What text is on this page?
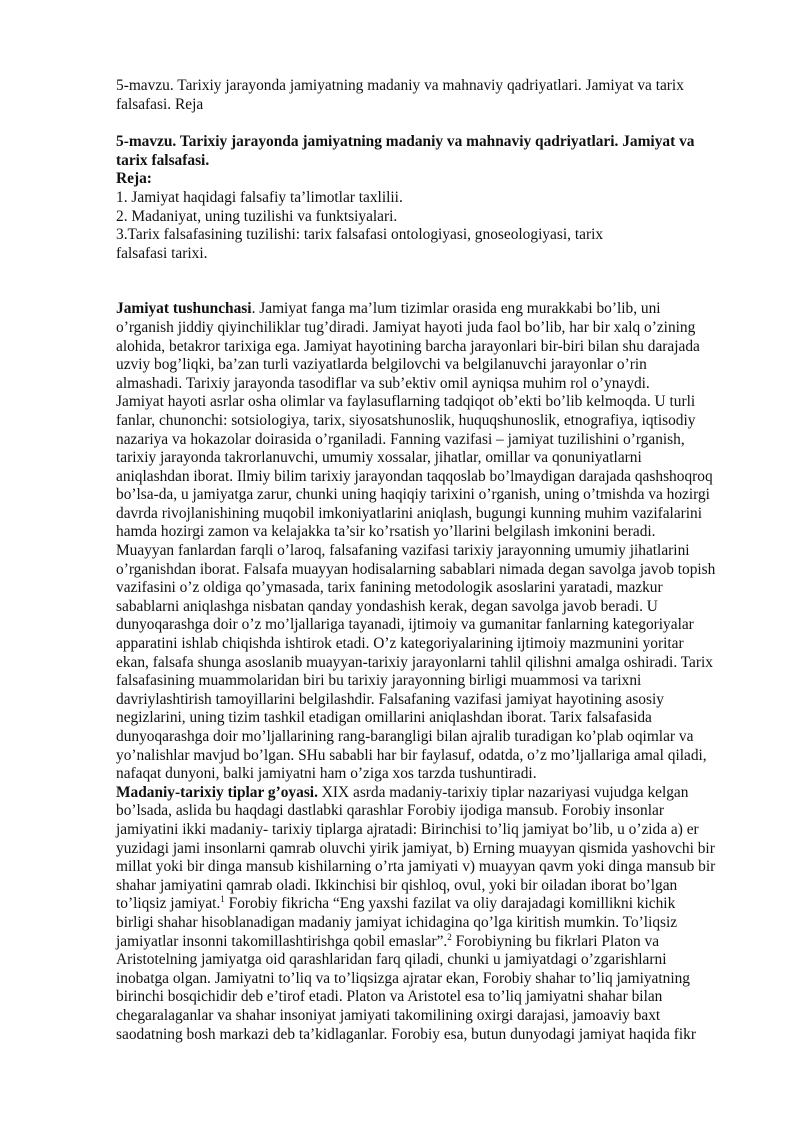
5-mavzu. Tarixiy jarayonda jamiyatning madaniy va mahnaviy qadriyatlari. Jamiyat va tarix
falsafasi. Reja
5-mavzu. Tarixiy jarayonda jamiyatning madaniy va mahnaviy qadriyatlari. Jamiyat va
tarix falsafasi.
Reja:
1. Jamiyat haqidagi falsafiy ta’limotlar taxlilii.
2. Madaniyat, uning tuzilishi va funktsiyalari.
3.Tarix falsafasining tuzilishi: tarix falsafasi ontologiyasi, gnoseologiyasi, tarix
falsafasi tarixi.
Jamiyat tushunchasi. Jamiyat fanga ma’lum tizimlar orasida eng murakkabi bo’lib, uni
o’rganish jiddiy qiyinchiliklar tug’diradi. Jamiyat hayoti juda faol bo’lib, har bir xalq o’zining
alohida, betakror tarixiga ega. Jamiyat hayotining barcha jarayonlari bir-biri bilan shu darajada
uzviy bog’liqki, ba’zan turli vaziyatlarda belgilovchi va belgilanuvchi jarayonlar o’rin
almashadi. Tarixiy jarayonda tasodiflar va sub’ektiv omil ayniqsa muhim rol o’ynaydi.
Jamiyat hayoti asrlar osha olimlar va faylasuflarning tadqiqot ob’ekti bo’lib kelmoqda. U turli
fanlar, chunonchi: sotsiologiya, tarix, siyosatshunoslik, huquqshunoslik, etnografiya, iqtisodiy
nazariya va hokazolar doirasida o’rganiladi. Fanning vazifasi – jamiyat tuzilishini o’rganish,
tarixiy jarayonda takrorlanuvchi, umumiy xossalar, jihatlar, omillar va qonuniyatlarni
aniqlashdan iborat. Ilmiy bilim tarixiy jarayondan taqqoslab bo’lmaydigan darajada qashshoqroq
bo’lsa-da, u jamiyatga zarur, chunki uning haqiqiy tarixini o’rganish, uning o’tmishda va hozirgi
davrda rivojlanishining muqobil imkoniyatlarini aniqlash, bugungi kunning muhim vazifalarini
hamda hozirgi zamon va kelajakka ta’sir ko’rsatish yo’llarini belgilash imkonini beradi.
Muayyan fanlardan farqli o’laroq, falsafaning vazifasi tarixiy jarayonning umumiy jihatlarini
o’rganishdan iborat. Falsafa muayyan hodisalarning sabablari nimada degan savolga javob topish
vazifasini o’z oldiga qo’ymasada, tarix fanining metodologik asoslarini yaratadi, mazkur
sabablarni aniqlashga nisbatan qanday yondashish kerak, degan savolga javob beradi. U
dunyoqarashga doir o’z mo’ljallariga tayanadi, ijtimoiy va gumanitar fanlarning kategoriyalar
apparatini ishlab chiqishda ishtirok etadi. O’z kategoriyalarining ijtimoiy mazmunini yoritar
ekan, falsafa shunga asoslanib muayyan-tarixiy jarayonlarni tahlil qilishni amalga oshiradi. Tarix
falsafasining muammolaridan biri bu tarixiy jarayonning birligi muammosi va tarixni
davriylashtirish tamoyillarini belgilashdir. Falsafaning vazifasi jamiyat hayotining asosiy
negizlarini, uning tizim tashkil etadigan omillarini aniqlashdan iborat. Tarix falsafasida
dunyoqarashga doir mo’ljallarining rang-barangligi bilan ajralib turadigan ko’plab oqimlar va
yo’nalishlar mavjud bo’lgan. SHu sababli har bir faylasuf, odatda, o’z mo’ljallariga amal qiladi,
nafaqat dunyoni, balki jamiyatni ham o’ziga xos tarzda tushuntiradi.
Madaniy-tarixiy tiplar g’oyasi. XIX asrda madaniy-tarixiy tiplar nazariyasi vujudga kelgan
bo’lsada, aslida bu haqdagi dastlabki qarashlar Forobiy ijodiga mansub. Forobiy insonlar
jamiyatini ikki madaniy- tarixiy tiplarga ajratadi: Birinchisi to’liq jamiyat bo’lib, u o’zida a) er
yuzidagi jami insonlarni qamrab oluvchi yirik jamiyat, b) Erning muayyan qismida yashovchi bir
millat yoki bir dinga mansub kishilarning o’rta jamiyati v) muayyan qavm yoki dinga mansub bir
shahar jamiyatini qamrab oladi. Ikkinchisi bir qishloq, ovul, yoki bir oiladan iborat bo’lgan
to’liqsiz jamiyat.$^1$ Forobiy fikricha “Eng yaxshi fazilat va oliy darajadagi komillikni kichik
birligi shahar hisoblanadigan madaniy jamiyat ichidagina qo’lga kiritish mumkin. To’liqsiz
jamiyatlar insonni takomillashtirishga qobil emaslar”.$^2$ Forobiyning bu fikrlari Platon va
Aristotelning jamiyatga oid qarashlaridan farq qiladi, chunki u jamiyatdagi o’zgarishlarni
inobatga olgan. Jamiyatni to’liq va to’liqsizga ajratar ekan, Forobiy shahar to’liq jamiyatning
birinchi bosqichidir deb e’tirof etadi. Platon va Aristotel esa to’liq jamiyatni shahar bilan
chegaralaganlar va shahar insoniyat jamiyati takomilining oxirgi darajasi, jamoaviy baxt
saodatning bosh markazi deb ta’kidlaganlar. Forobiy esa, butun dunyodagi jamiyat haqida fikr
